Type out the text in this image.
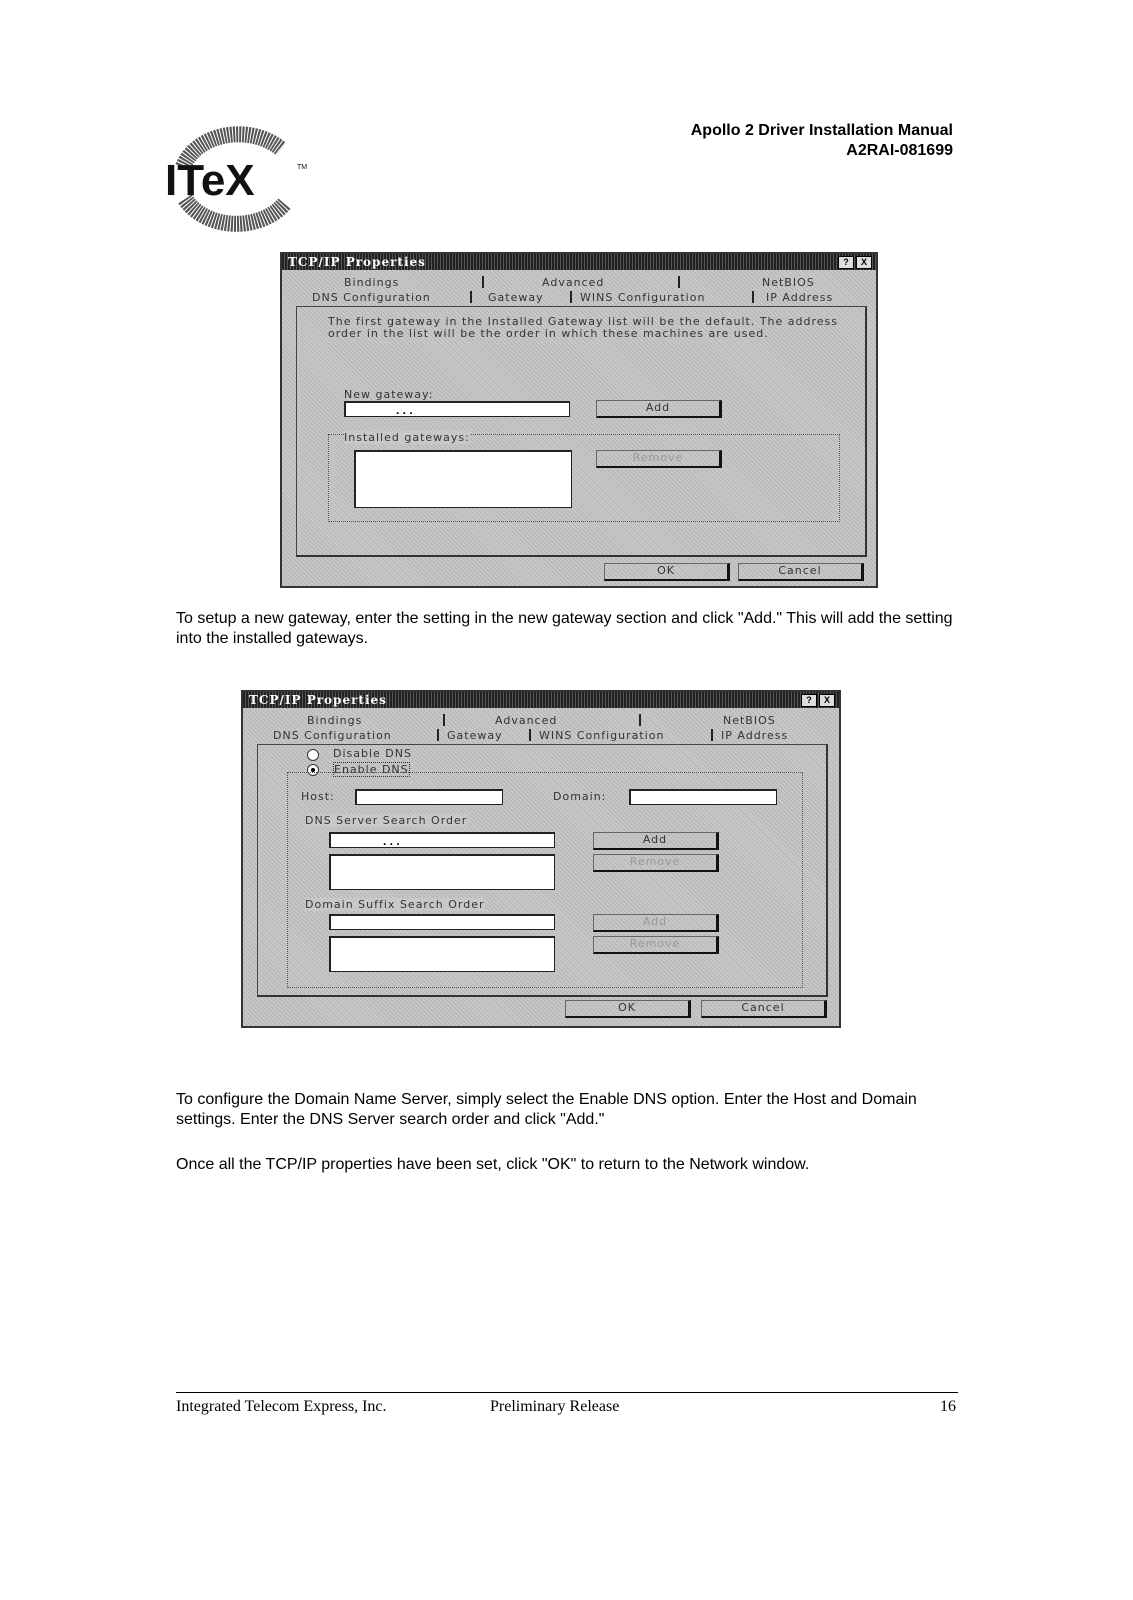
ITeX	TM
Apollo 2 Driver Installation Manual
A2RAI-081699
TCP/IP Properties	?	X
Bindings	Advanced	NetBIOS
DNS Configuration	Gateway	WINS Configuration	IP Address
The first gateway in the Installed Gateway list will be the default. The address order in the list will be the order in which these machines are used.
New gateway:
. . .	Add
Installed gateways:
Remove
OK	Cancel
To setup a new gateway, enter the setting in the new gateway section and click "Add." This will add the setting into the installed gateways.
TCP/IP Properties	?	X
Bindings	Advanced	NetBIOS
DNS Configuration	Gateway	WINS Configuration	IP Address
Disable DNS
Enable DNS
Host:	Domain:
DNS Server Search Order
. . .	Add
Remove
Domain Suffix Search Order
Add
Remove
OK	Cancel
To configure the Domain Name Server, simply select the Enable DNS option. Enter the Host and Domain settings. Enter the DNS Server search order and click "Add."
Once all the TCP/IP properties have been set, click "OK" to return to the Network window.
Integrated Telecom Express, Inc.	Preliminary Release	16
